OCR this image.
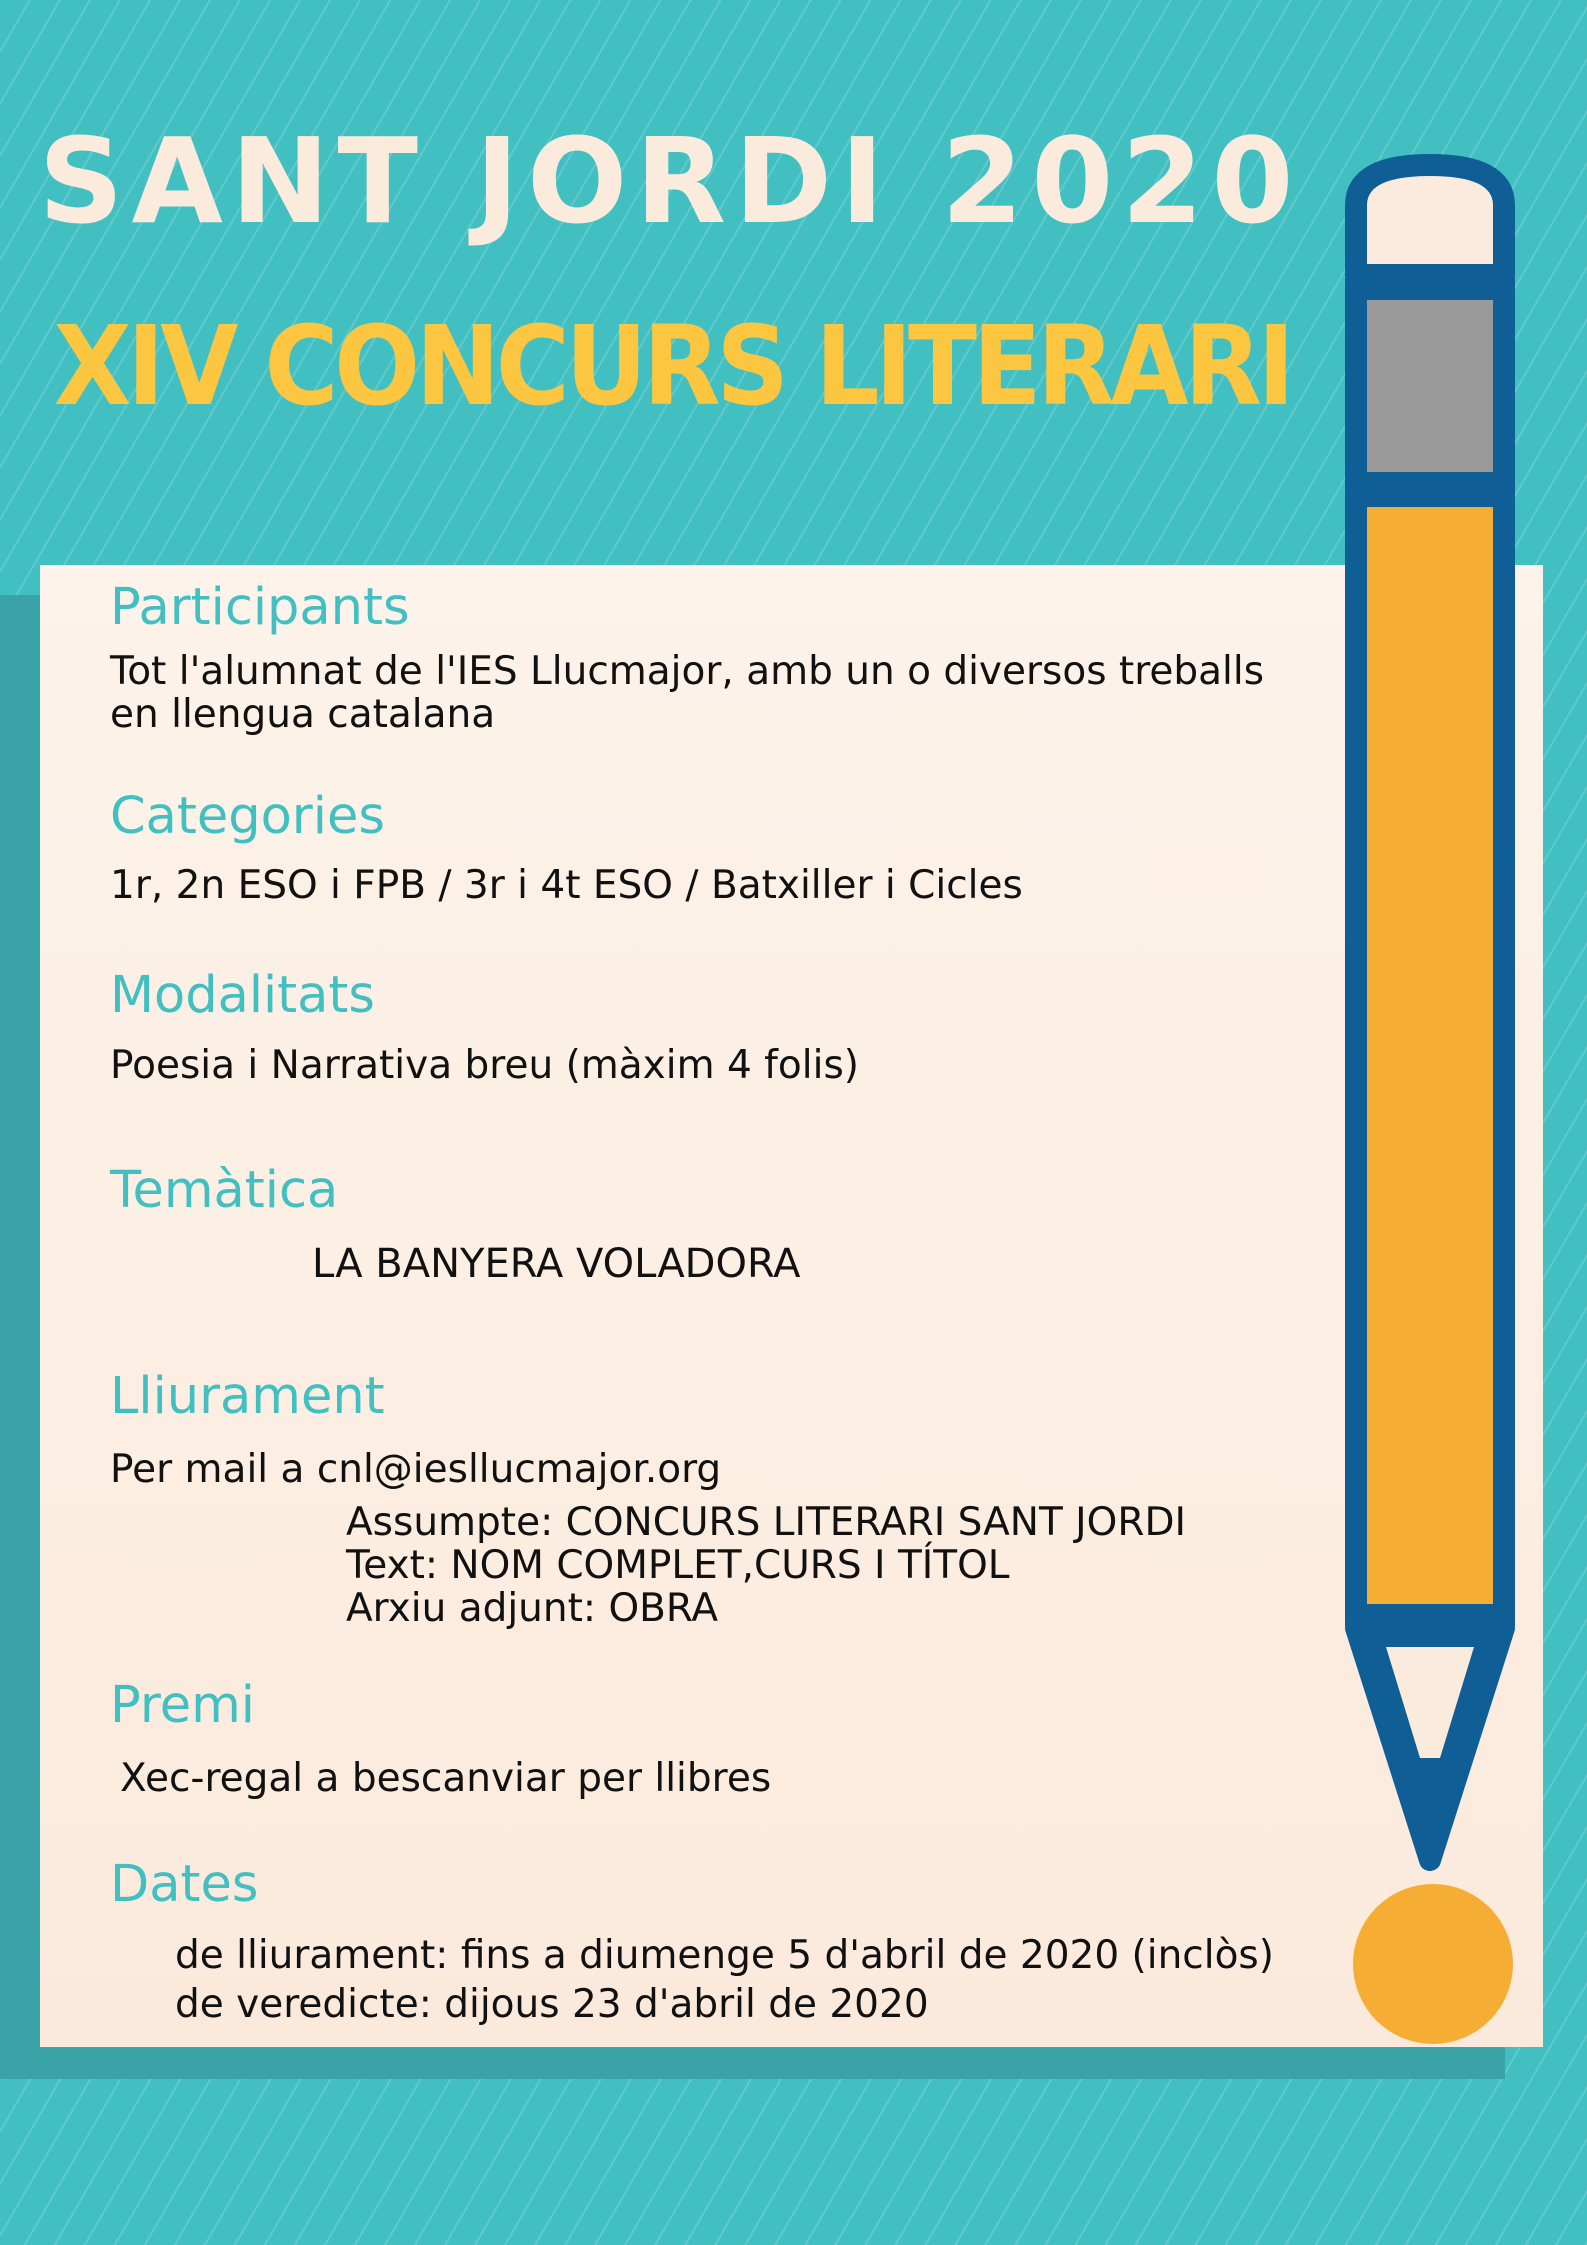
SANT JORDI 2020
XIV CONCURS LITERARI
Participants

Tot l'alumnat de l'IES Llucmajor, amb un o diversos treballs

en llengua catalana

Categories

1r, 2n ESO i FPB / 3r i 4t ESO / Batxiller i Cicles

Modalitats

Poesia i Narrativa breu (màxim 4 folis)

Temàtica

LA BANYERA VOLADORA

Lliurament

Per mail a cnl@iesllucmajor.org

Assumpte: CONCURS LITERARI SANT JORDI

Text: NOM COMPLET,CURS I TÍTOL

Arxiu adjunt: OBRA

Premi

Xec-regal a bescanviar per llibres

Dates

de lliurament: fins a diumenge 5 d'abril de 2020 (inclòs)

de veredicte: dijous 23 d'abril de 2020
